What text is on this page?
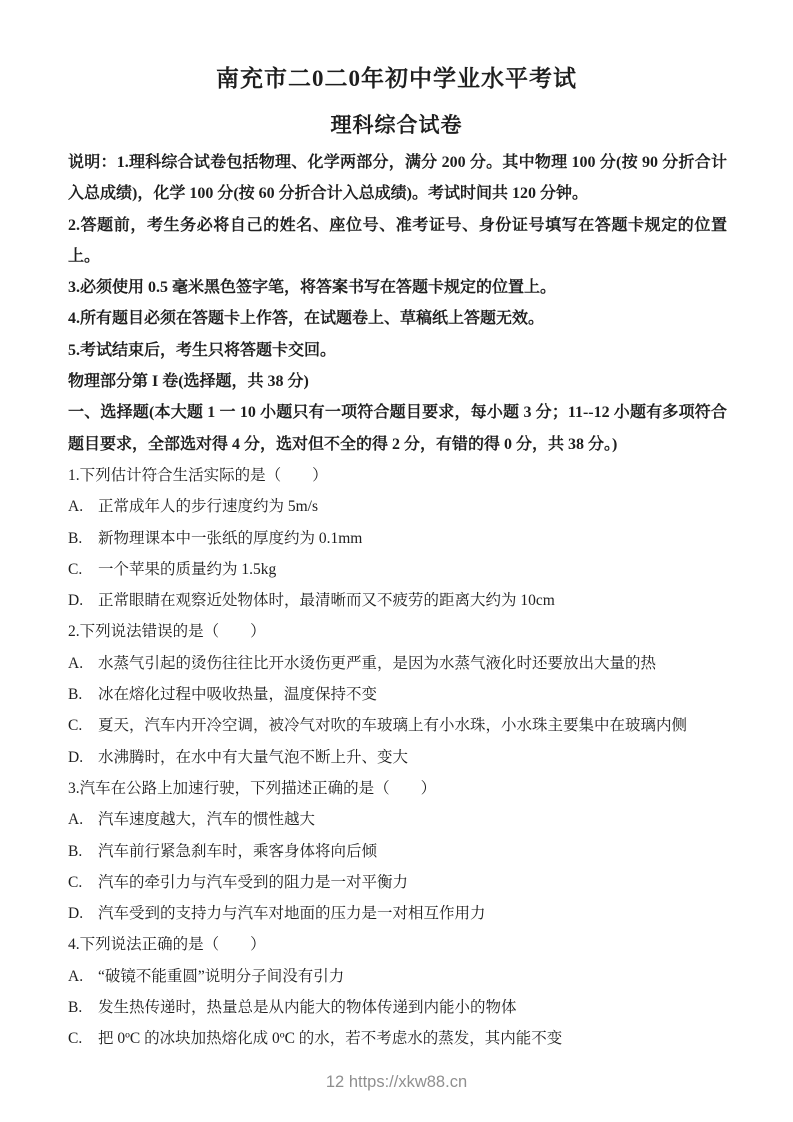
南充市二0二0年初中学业水平考试
理科综合试卷

说明：1.理科综合试卷包括物理、化学两部分，满分 200 分。其中物理 100 分(按 90 分折合计入总成绩)，化学 100 分(按 60 分折合计入总成绩)。考试时间共 120 分钟。

2.答题前，考生务必将自己的姓名、座位号、准考证号、身份证号填写在答题卡规定的位置上。

3.必须使用 0.5 毫米黑色签字笔，将答案书写在答题卡规定的位置上。

4.所有题目必须在答题卡上作答，在试题卷上、草稿纸上答题无效。

5.考试结束后，考生只将答题卡交回。

物理部分第 I 卷(选择题，共 38 分)

一、选择题(本大题 1 一 10 小题只有一项符合题目要求，每小题 3 分；11--12 小题有多项符合题目要求，全部选对得 4 分，选对但不全的得 2 分，有错的得 0 分，共 38 分。)

1.下列估计符合生活实际的是（　　）

A. 正常成年人的步行速度约为 5m/s

B. 新物理课本中一张纸的厚度约为 0.1mm

C. 一个苹果的质量约为 1.5kg

D. 正常眼睛在观察近处物体时，最清晰而又不疲劳的距离大约为 10cm

2.下列说法错误的是（　　）

A. 水蒸气引起的烫伤往往比开水烫伤更严重，是因为水蒸气液化时还要放出大量的热

B. 冰在熔化过程中吸收热量，温度保持不变

C. 夏天，汽车内开冷空调，被冷气对吹的车玻璃上有小水珠，小水珠主要集中在玻璃内侧

D. 水沸腾时，在水中有大量气泡不断上升、变大

3.汽车在公路上加速行驶，下列描述正确的是（　　）

A. 汽车速度越大，汽车的惯性越大

B. 汽车前行紧急刹车时，乘客身体将向后倾

C. 汽车的牵引力与汽车受到的阻力是一对平衡力

D. 汽车受到的支持力与汽车对地面的压力是一对相互作用力

4.下列说法正确的是（　　）

A. “破镜不能重圆”说明分子间没有引力

B. 发生热传递时，热量总是从内能大的物体传递到内能小的物体

C. 把 0ºC 的冰块加热熔化成 0ºC 的水，若不考虑水的蒸发，其内能不变

12 https://xkw88.cn
